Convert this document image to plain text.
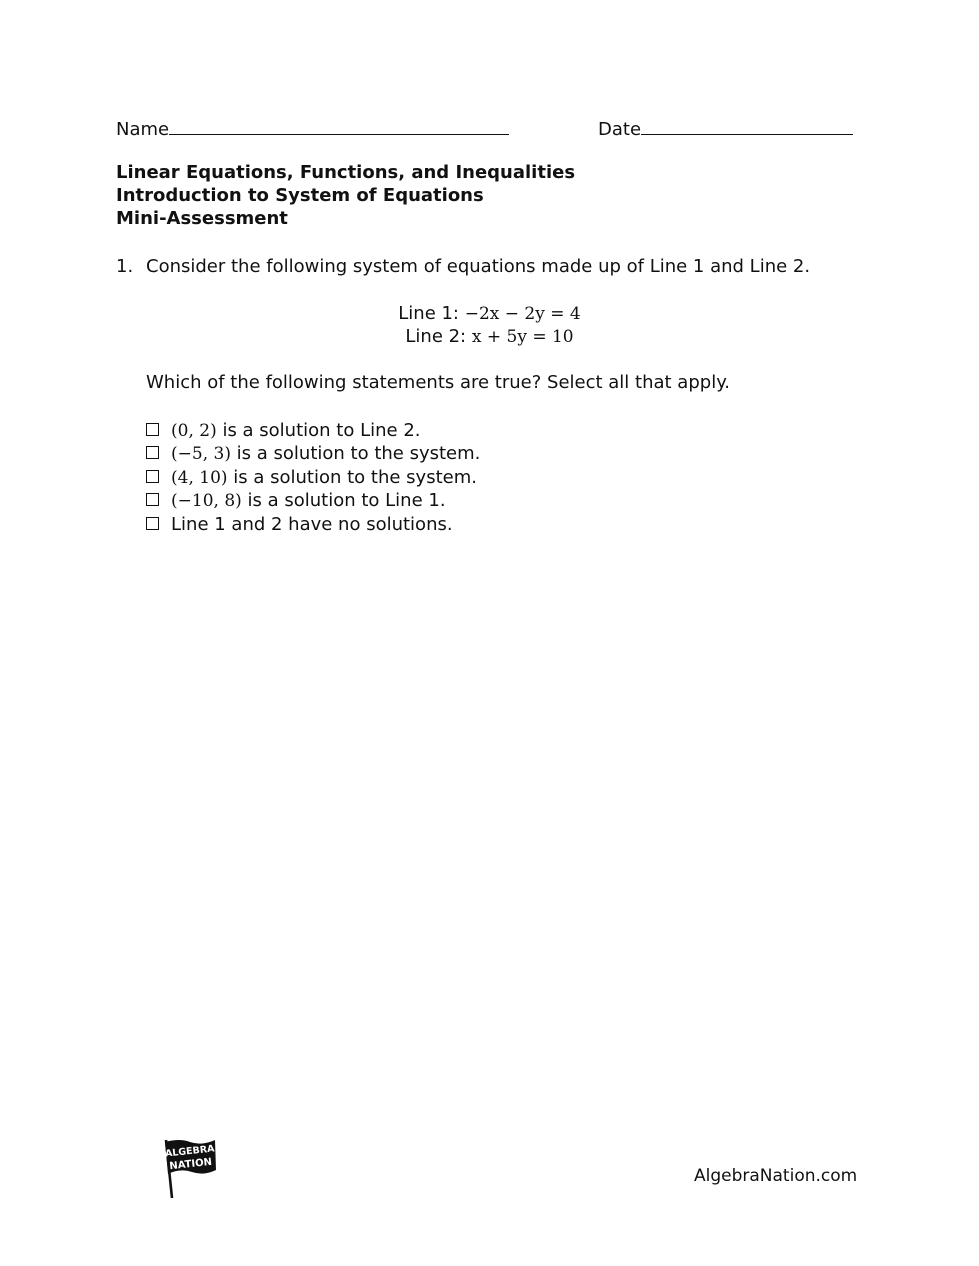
Name	Date
Linear Equations, Functions, and Inequalities
Introduction to System of Equations
Mini-Assessment
1. Consider the following system of equations made up of Line 1 and Line 2.
Line 1: −2x − 2y = 4
Line 2: x + 5y = 10
Which of the following statements are true? Select all that apply.
(0, 2) is a solution to Line 2.
(−5, 3) is a solution to the system.
(4, 10) is a solution to the system.
(−10, 8) is a solution to Line 1.
Line 1 and 2 have no solutions.
ALGEBRA
NATION
AlgebraNation.com
